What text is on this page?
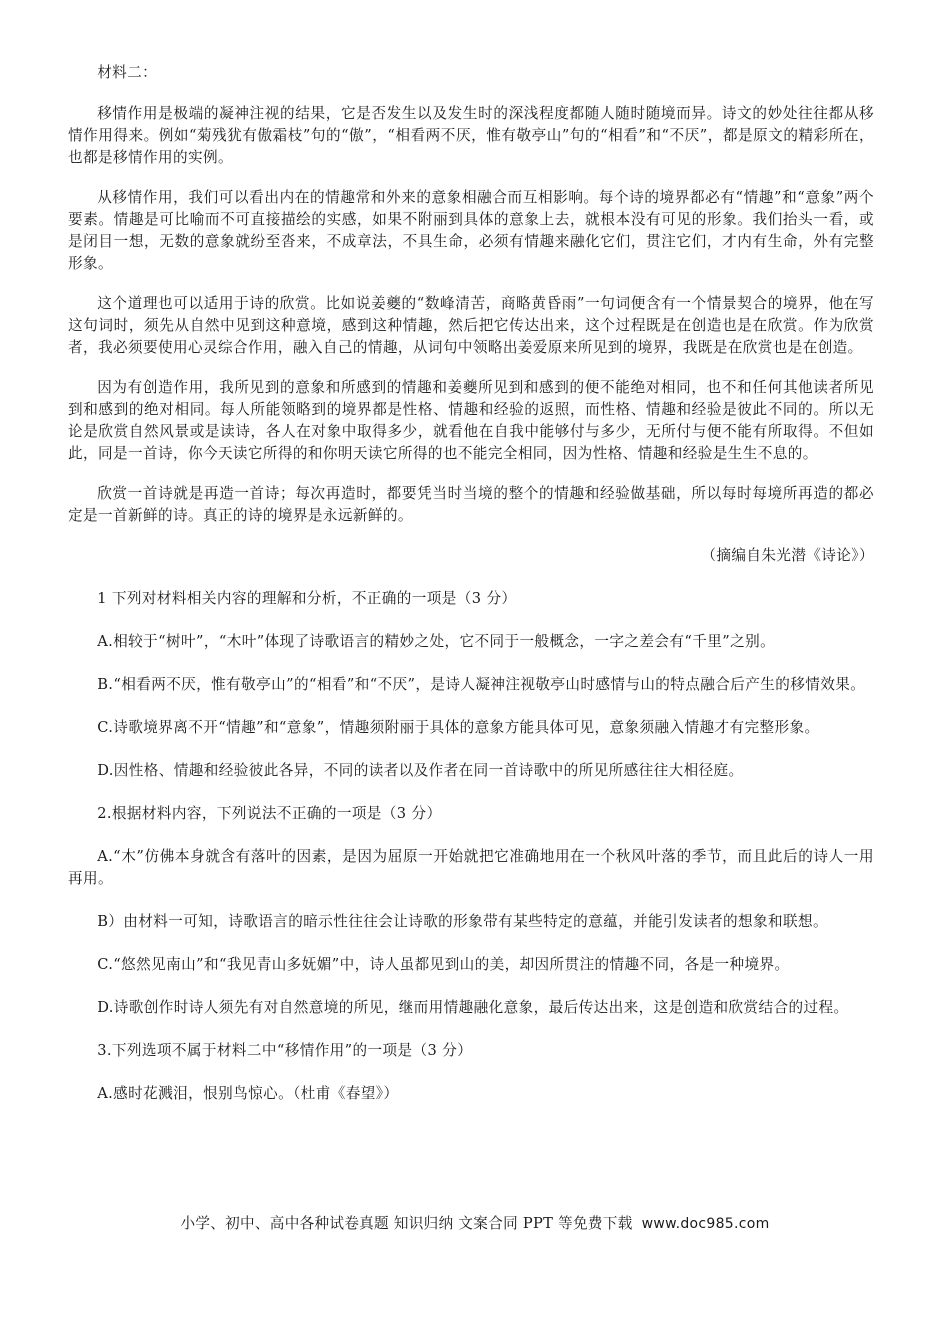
材料二：

移情作用是极端的凝神注视的结果，它是否发生以及发生时的深浅程度都随人随时随境而异。诗文的妙处往往都从移情作用得来。例如“菊残犹有傲霜枝”句的“傲”，“相看两不厌，惟有敬亭山”句的“相看”和“不厌”，都是原文的精彩所在，也都是移情作用的实例。

从移情作用，我们可以看出内在的情趣常和外来的意象相融合而互相影响。每个诗的境界都必有“情趣”和“意象”两个要素。情趣是可比喻而不可直接描绘的实感，如果不附丽到具体的意象上去，就根本没有可见的形象。我们抬头一看，或是闭目一想，无数的意象就纷至沓来，不成章法，不具生命，必须有情趣来融化它们，贯注它们，才内有生命，外有完整形象。

这个道理也可以适用于诗的欣赏。比如说姜夔的“数峰清苦，商略黄昏雨”一句词便含有一个情景契合的境界，他在写这句词时，须先从自然中见到这种意境，感到这种情趣，然后把它传达出来，这个过程既是在创造也是在欣赏。作为欣赏者，我必须要使用心灵综合作用，融入自己的情趣，从词句中领略出姜爱原来所见到的境界，我既是在欣赏也是在创造。

因为有创造作用，我所见到的意象和所感到的情趣和姜夔所见到和感到的便不能绝对相同，也不和任何其他读者所见到和感到的绝对相同。每人所能领略到的境界都是性格、情趣和经验的返照，而性格、情趣和经验是彼此不同的。所以无论是欣赏自然风景或是读诗，各人在对象中取得多少，就看他在自我中能够付与多少，无所付与便不能有所取得。不但如此，同是一首诗，你今天读它所得的和你明天读它所得的也不能完全相同，因为性格、情趣和经验是生生不息的。

欣赏一首诗就是再造一首诗；每次再造时，都要凭当时当境的整个的情趣和经验做基础，所以每时每境所再造的都必定是一首新鲜的诗。真正的诗的境界是永远新鲜的。

（摘编自朱光潜《诗论》）

1 下列对材料相关内容的理解和分析，不正确的一项是（3 分）

A.相较于“树叶”，“木叶”体现了诗歌语言的精妙之处，它不同于一般概念，一字之差会有“千里”之别。

B.“相看两不厌，惟有敬亭山”的“相看”和“不厌”，是诗人凝神注视敬亭山时感情与山的特点融合后产生的移情效果。

C.诗歌境界离不开“情趣”和“意象”，情趣须附丽于具体的意象方能具体可见，意象须融入情趣才有完整形象。

D.因性格、情趣和经验彼此各异，不同的读者以及作者在同一首诗歌中的所见所感往往大相径庭。

2.根据材料内容，下列说法不正确的一项是（3 分）

A.“木”仿佛本身就含有落叶的因素，是因为屈原一开始就把它准确地用在一个秋风叶落的季节，而且此后的诗人一用再用。

B）由材料一可知，诗歌语言的暗示性往往会让诗歌的形象带有某些特定的意蕴，并能引发读者的想象和联想。

C.“悠然见南山”和“我见青山多妩媚”中，诗人虽都见到山的美，却因所贯注的情趣不同，各是一种境界。

D.诗歌创作时诗人须先有对自然意境的所见，继而用情趣融化意象，最后传达出来，这是创造和欣赏结合的过程。

3.下列选项不属于材料二中“移情作用”的一项是（3 分）

A.感时花溅泪，恨别鸟惊心。（杜甫《春望》）

小学、初中、高中各种试卷真题 知识归纳 文案合同 PPT 等免费下载 www.doc985.com
